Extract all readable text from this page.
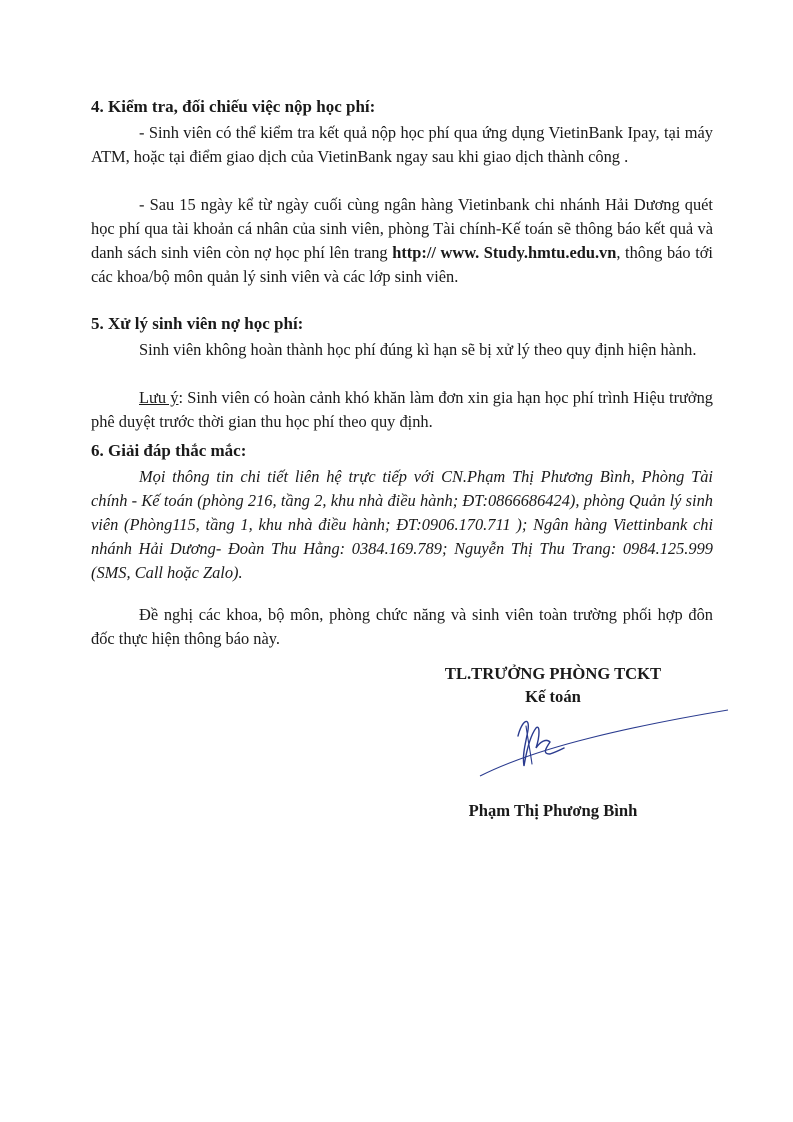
4. Kiểm tra, đối chiếu việc nộp học phí:

- Sinh viên có thể kiểm tra kết quả nộp học phí qua ứng dụng VietinBank Ipay, tại máy ATM, hoặc tại điểm giao dịch của VietinBank ngay sau khi giao dịch thành công .

- Sau 15 ngày kể từ ngày cuối cùng ngân hàng Vietinbank chi nhánh Hải Dương quét học phí qua tài khoản cá nhân của sinh viên, phòng Tài chính-Kế toán sẽ thông báo kết quả và danh sách sinh viên còn nợ học phí lên trang http:// www. Study.hmtu.edu.vn, thông báo tới các khoa/bộ môn quản lý sinh viên và các lớp sinh viên.

5. Xử lý sinh viên nợ học phí:

Sinh viên không hoàn thành học phí đúng kì hạn sẽ bị xử lý theo quy định hiện hành.

Lưu ý: Sinh viên có hoàn cảnh khó khăn làm đơn xin gia hạn học phí trình Hiệu trưởng phê duyệt trước thời gian thu học phí theo quy định.

6. Giải đáp thắc mắc:

Mọi thông tin chi tiết liên hệ trực tiếp với CN.Phạm Thị Phương Bình, Phòng Tài chính - Kế toán (phòng 216, tầng 2, khu nhà điều hành; ĐT:0866686424), phòng Quản lý sinh viên (Phòng115, tầng 1, khu nhà điều hành; ĐT:0906.170.711 ); Ngân hàng Viettinbank chi nhánh Hải Dương- Đoàn Thu Hằng: 0384.169.789; Nguyễn Thị Thu Trang: 0984.125.999 (SMS, Call hoặc Zalo).

Đề nghị các khoa, bộ môn, phòng chức năng và sinh viên toàn trường phối hợp đôn đốc thực hiện thông báo này.

TL.TRƯỞNG PHÒNG TCKT
Kế toán
Phạm Thị Phương Bình
